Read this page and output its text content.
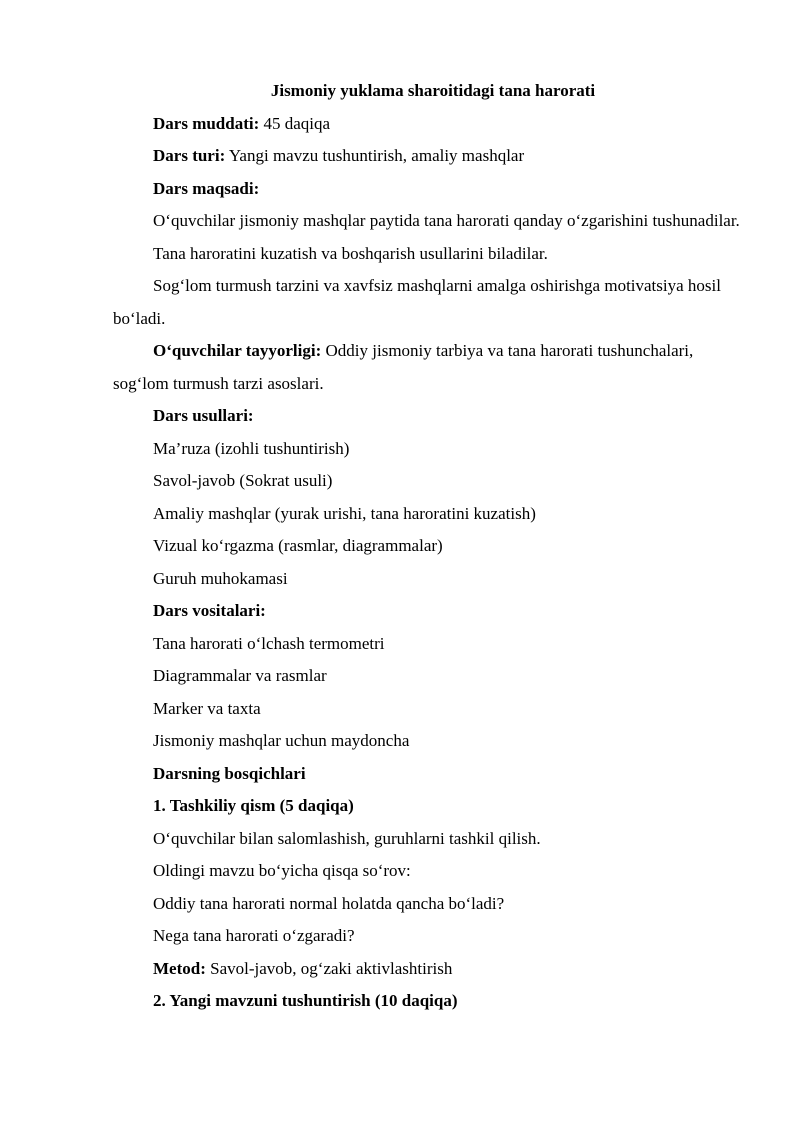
Jismoniy yuklama sharoitidagi tana harorati

Dars muddati: 45 daqiqa

Dars turi: Yangi mavzu tushuntirish, amaliy mashqlar

Dars maqsadi:

O‘quvchilar jismoniy mashqlar paytida tana harorati qanday o‘zgarishini tushunadilar.

Tana haroratini kuzatish va boshqarish usullarini biladilar.

Sog‘lom turmush tarzini va xavfsiz mashqlarni amalga oshirishga motivatsiya hosil bo‘ladi.

O‘quvchilar tayyorligi: Oddiy jismoniy tarbiya va tana harorati tushunchalari, sog‘lom turmush tarzi asoslari.

Dars usullari:

Ma’ruza (izohli tushuntirish)

Savol-javob (Sokrat usuli)

Amaliy mashqlar (yurak urishi, tana haroratini kuzatish)

Vizual ko‘rgazma (rasmlar, diagrammalar)

Guruh muhokamasi

Dars vositalari:

Tana harorati o‘lchash termometri

Diagrammalar va rasmlar

Marker va taxta

Jismoniy mashqlar uchun maydoncha

Darsning bosqichlari

1. Tashkiliy qism (5 daqiqa)

O‘quvchilar bilan salomlashish, guruhlarni tashkil qilish.

Oldingi mavzu bo‘yicha qisqa so‘rov:

Oddiy tana harorati normal holatda qancha bo‘ladi?

Nega tana harorati o‘zgaradi?

Metod: Savol-javob, og‘zaki aktivlashtirish

2. Yangi mavzuni tushuntirish (10 daqiqa)
